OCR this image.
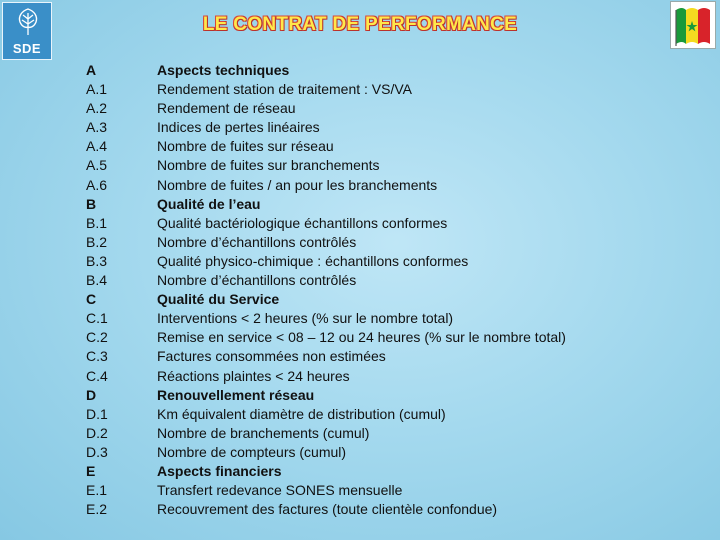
SDE
LE CONTRAT DE PERFORMANCE
A
A.1
A.2
A.3
A.4
A.5
A.6
B
B.1
B.2
B.3
B.4
C
C.1
C.2
C.3
C.4
D
D.1
D.2
D.3
E
E.1
E.2
Aspects techniques
Rendement station de traitement : VS/VA
Rendement de réseau
Indices de pertes linéaires
Nombre de fuites sur réseau
Nombre de fuites sur branchements
Nombre de fuites / an pour les branchements
Qualité de l’eau
Qualité bactériologique échantillons conformes
Nombre d’échantillons contrôlés
Qualité physico-chimique : échantillons conformes
Nombre d’échantillons contrôlés
Qualité du Service
Interventions < 2 heures (% sur le nombre total)
Remise en service < 08 – 12 ou 24 heures (% sur le nombre total)
Factures consommées non estimées
Réactions plaintes < 24 heures
Renouvellement réseau
Km équivalent diamètre de distribution (cumul)
Nombre de branchements (cumul)
Nombre de compteurs (cumul)
Aspects financiers
Transfert redevance SONES mensuelle
Recouvrement des factures (toute clientèle confondue)
